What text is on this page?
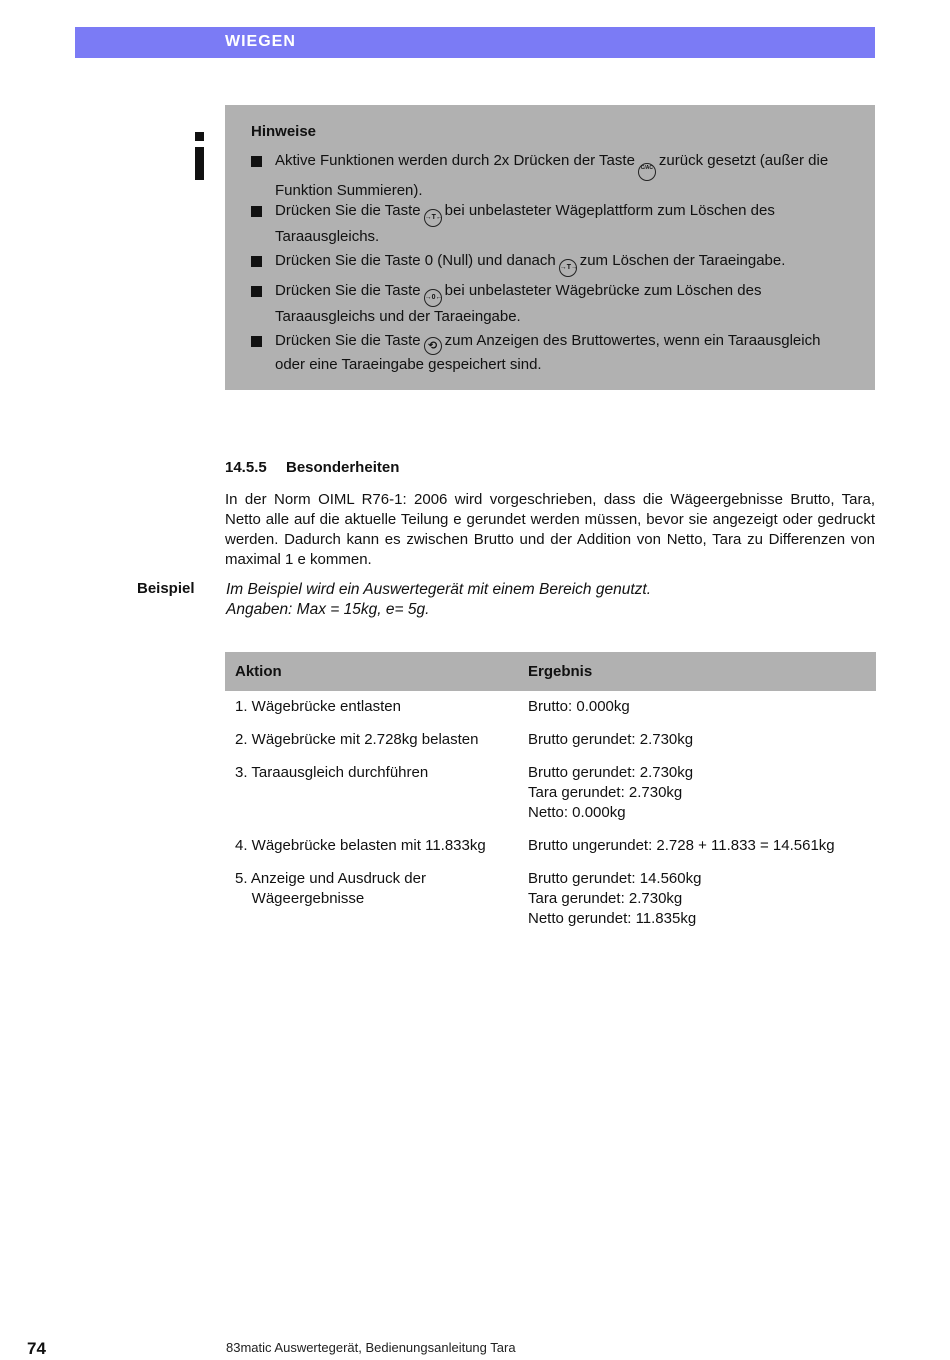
WIEGEN
Hinweise
Aktive Funktionen werden durch 2x Drücken der Taste C/AC zurück gesetzt (außer die Funktion Summieren).
Drücken Sie die Taste →T← bei unbelasteter Wägeplattform zum Löschen des Taraausgleichs.
Drücken Sie die Taste 0 (Null) und danach →T→ zum Löschen der Taraeingabe.
Drücken Sie die Taste →0← bei unbelasteter Wägebrücke zum Löschen des Taraausgleichs und der Taraeingabe.
Drücken Sie die Taste ⟲ zum Anzeigen des Bruttowertes, wenn ein Taraausgleich oder eine Taraeingabe gespeichert sind.
14.5.5 Besonderheiten
In der Norm OIML R76-1: 2006 wird vorgeschrieben, dass die Wägeergebnisse Brutto, Tara, Netto alle auf die aktuelle Teilung e gerundet werden müssen, bevor sie angezeigt oder gedruckt werden. Dadurch kann es zwischen Brutto und der Addition von Netto, Tara zu Differenzen von maximal 1 e kommen.
Beispiel Im Beispiel wird ein Auswertegerät mit einem Bereich genutzt.
Angaben: Max = 15kg, e= 5g.
Aktion	Ergebnis
1. Wägebrücke entlasten	Brutto: 0.000kg
2. Wägebrücke mit 2.728kg belasten	Brutto gerundet: 2.730kg
3. Taraausgleich durchführen	Brutto gerundet: 2.730kg
Tara gerundet: 2.730kg
Netto: 0.000kg
4. Wägebrücke belasten mit 11.833kg	Brutto ungerundet: 2.728 + 11.833 = 14.561kg
5. Anzeige und Ausdruck der
Wägeergebnisse	Brutto gerundet: 14.560kg
Tara gerundet: 2.730kg
Netto gerundet: 11.835kg
74	83matic Auswertegerät, Bedienungsanleitung Tara
